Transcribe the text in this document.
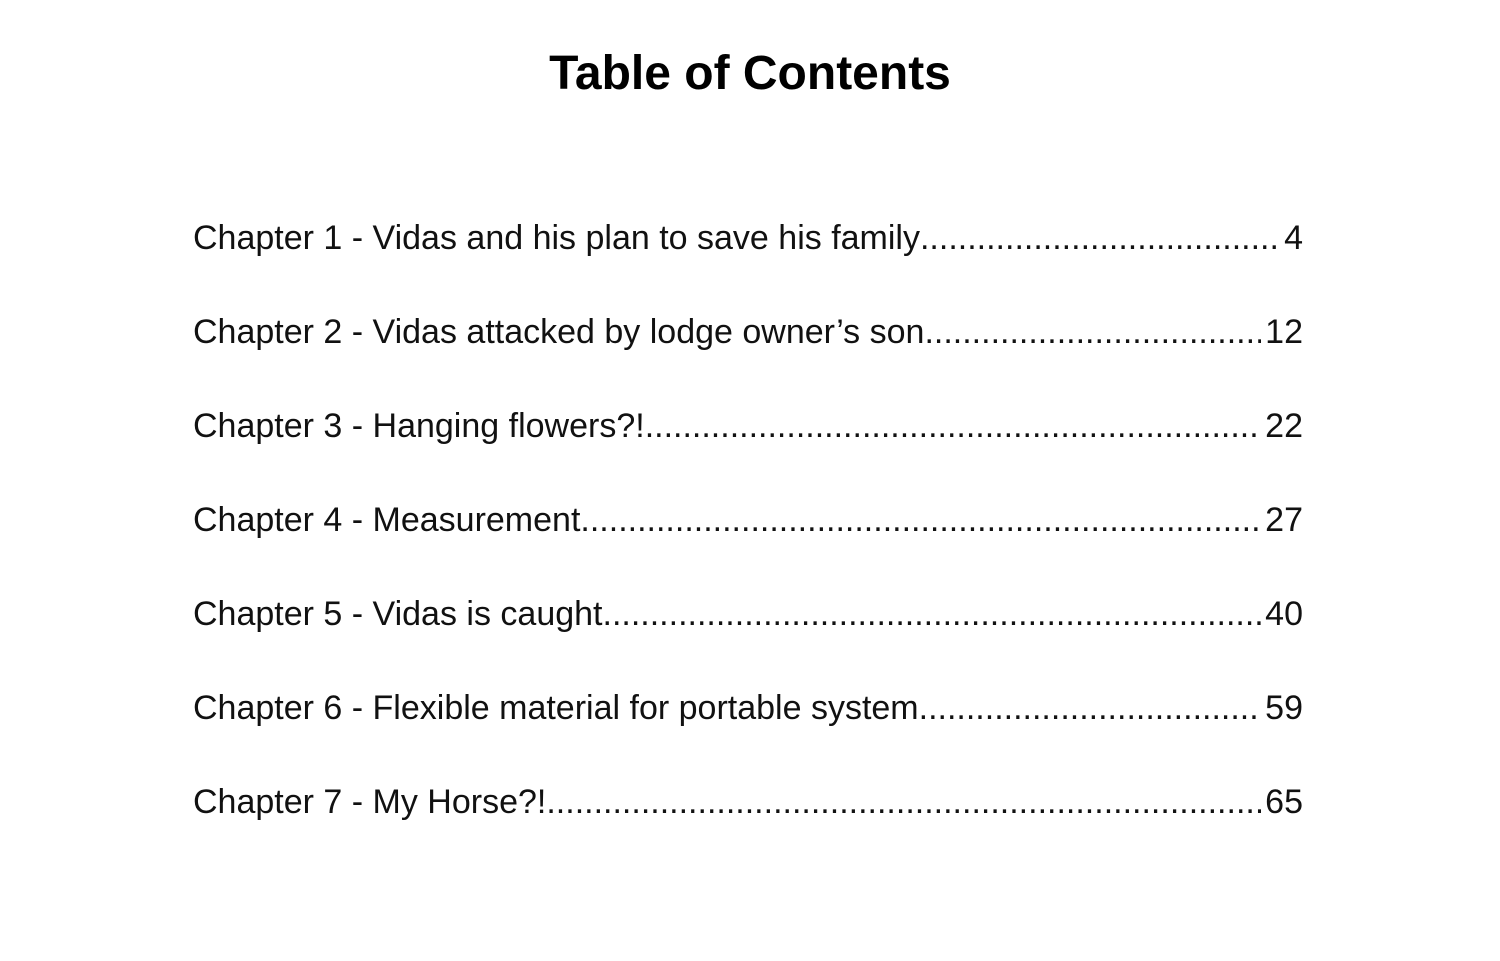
Table of Contents
Chapter 1 - Vidas and his plan to save his family .....	4
Chapter 2 - Vidas attacked by lodge owner’s son .....	12
Chapter 3 - Hanging flowers?! .....	22
Chapter 4 - Measurement .....	27
Chapter 5 - Vidas is caught .....	40
Chapter 6 - Flexible material for portable system .....	59
Chapter 7 - My Horse?! .....	65
